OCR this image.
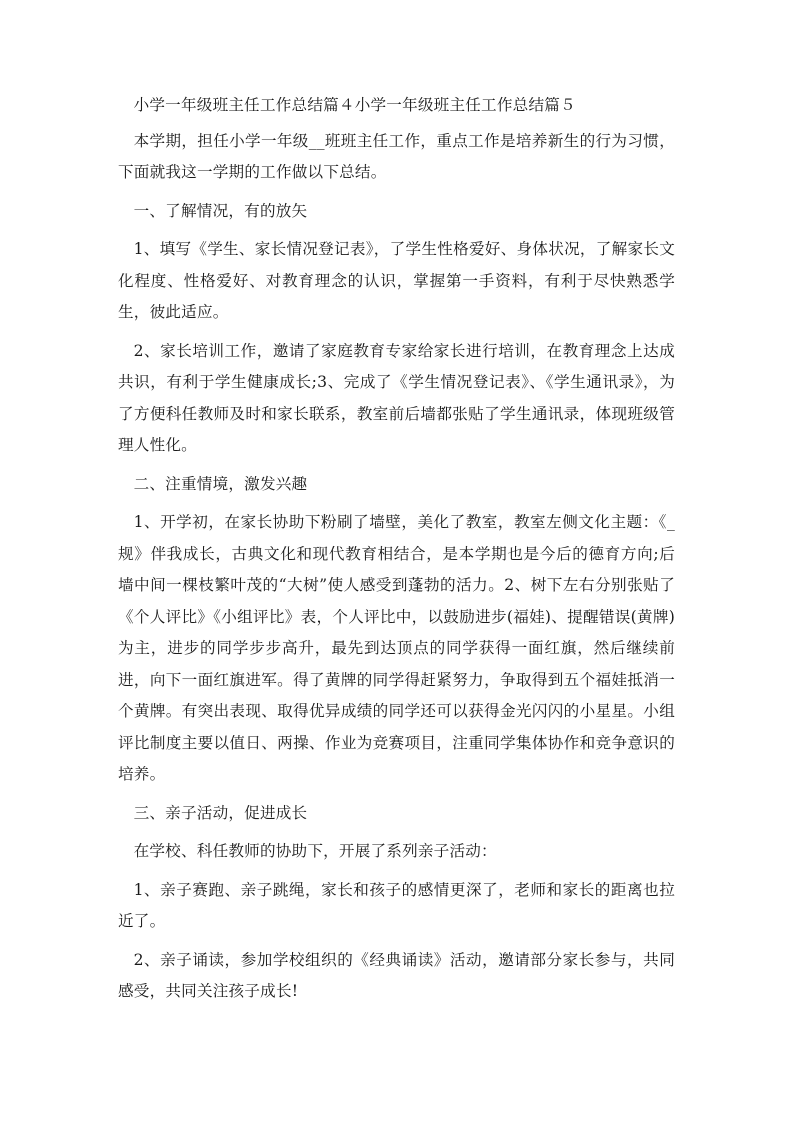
小学一年级班主任工作总结篇４小学一年级班主任工作总结篇５

本学期，担任小学一年级__班班主任工作，重点工作是培养新生的行为习惯，下面就我这一学期的工作做以下总结。

一、了解情况，有的放矢

1、填写《学生、家长情况登记表》，了学生性格爱好、身体状况，了解家长文化程度、性格爱好、对教育理念的认识，掌握第一手资料，有利于尽快熟悉学生，彼此适应。

2、家长培训工作，邀请了家庭教育专家给家长进行培训，在教育理念上达成共识，有利于学生健康成长;3、完成了《学生情况登记表》、《学生通讯录》，为了方便科任教师及时和家长联系，教室前后墙都张贴了学生通讯录，体现班级管理人性化。

二、注重情境，激发兴趣

1、开学初，在家长协助下粉刷了墙壁，美化了教室，教室左侧文化主题：《_规》伴我成长，古典文化和现代教育相结合，是本学期也是今后的德育方向;后墙中间一棵枝繁叶茂的“大树”使人感受到蓬勃的活力。2、树下左右分别张贴了《个人评比》《小组评比》表，个人评比中，以鼓励进步(福娃)、提醒错误(黄牌)为主，进步的同学步步高升，最先到达顶点的同学获得一面红旗，然后继续前进，向下一面红旗进军。得了黄牌的同学得赶紧努力，争取得到五个福娃抵消一个黄牌。有突出表现、取得优异成绩的同学还可以获得金光闪闪的小星星。小组评比制度主要以值日、两操、作业为竞赛项目，注重同学集体协作和竞争意识的培养。

三、亲子活动，促进成长

在学校、科任教师的协助下，开展了系列亲子活动：

1、亲子赛跑、亲子跳绳，家长和孩子的感情更深了，老师和家长的距离也拉近了。

2、亲子诵读，参加学校组织的《经典诵读》活动，邀请部分家长参与，共同感受，共同关注孩子成长!
